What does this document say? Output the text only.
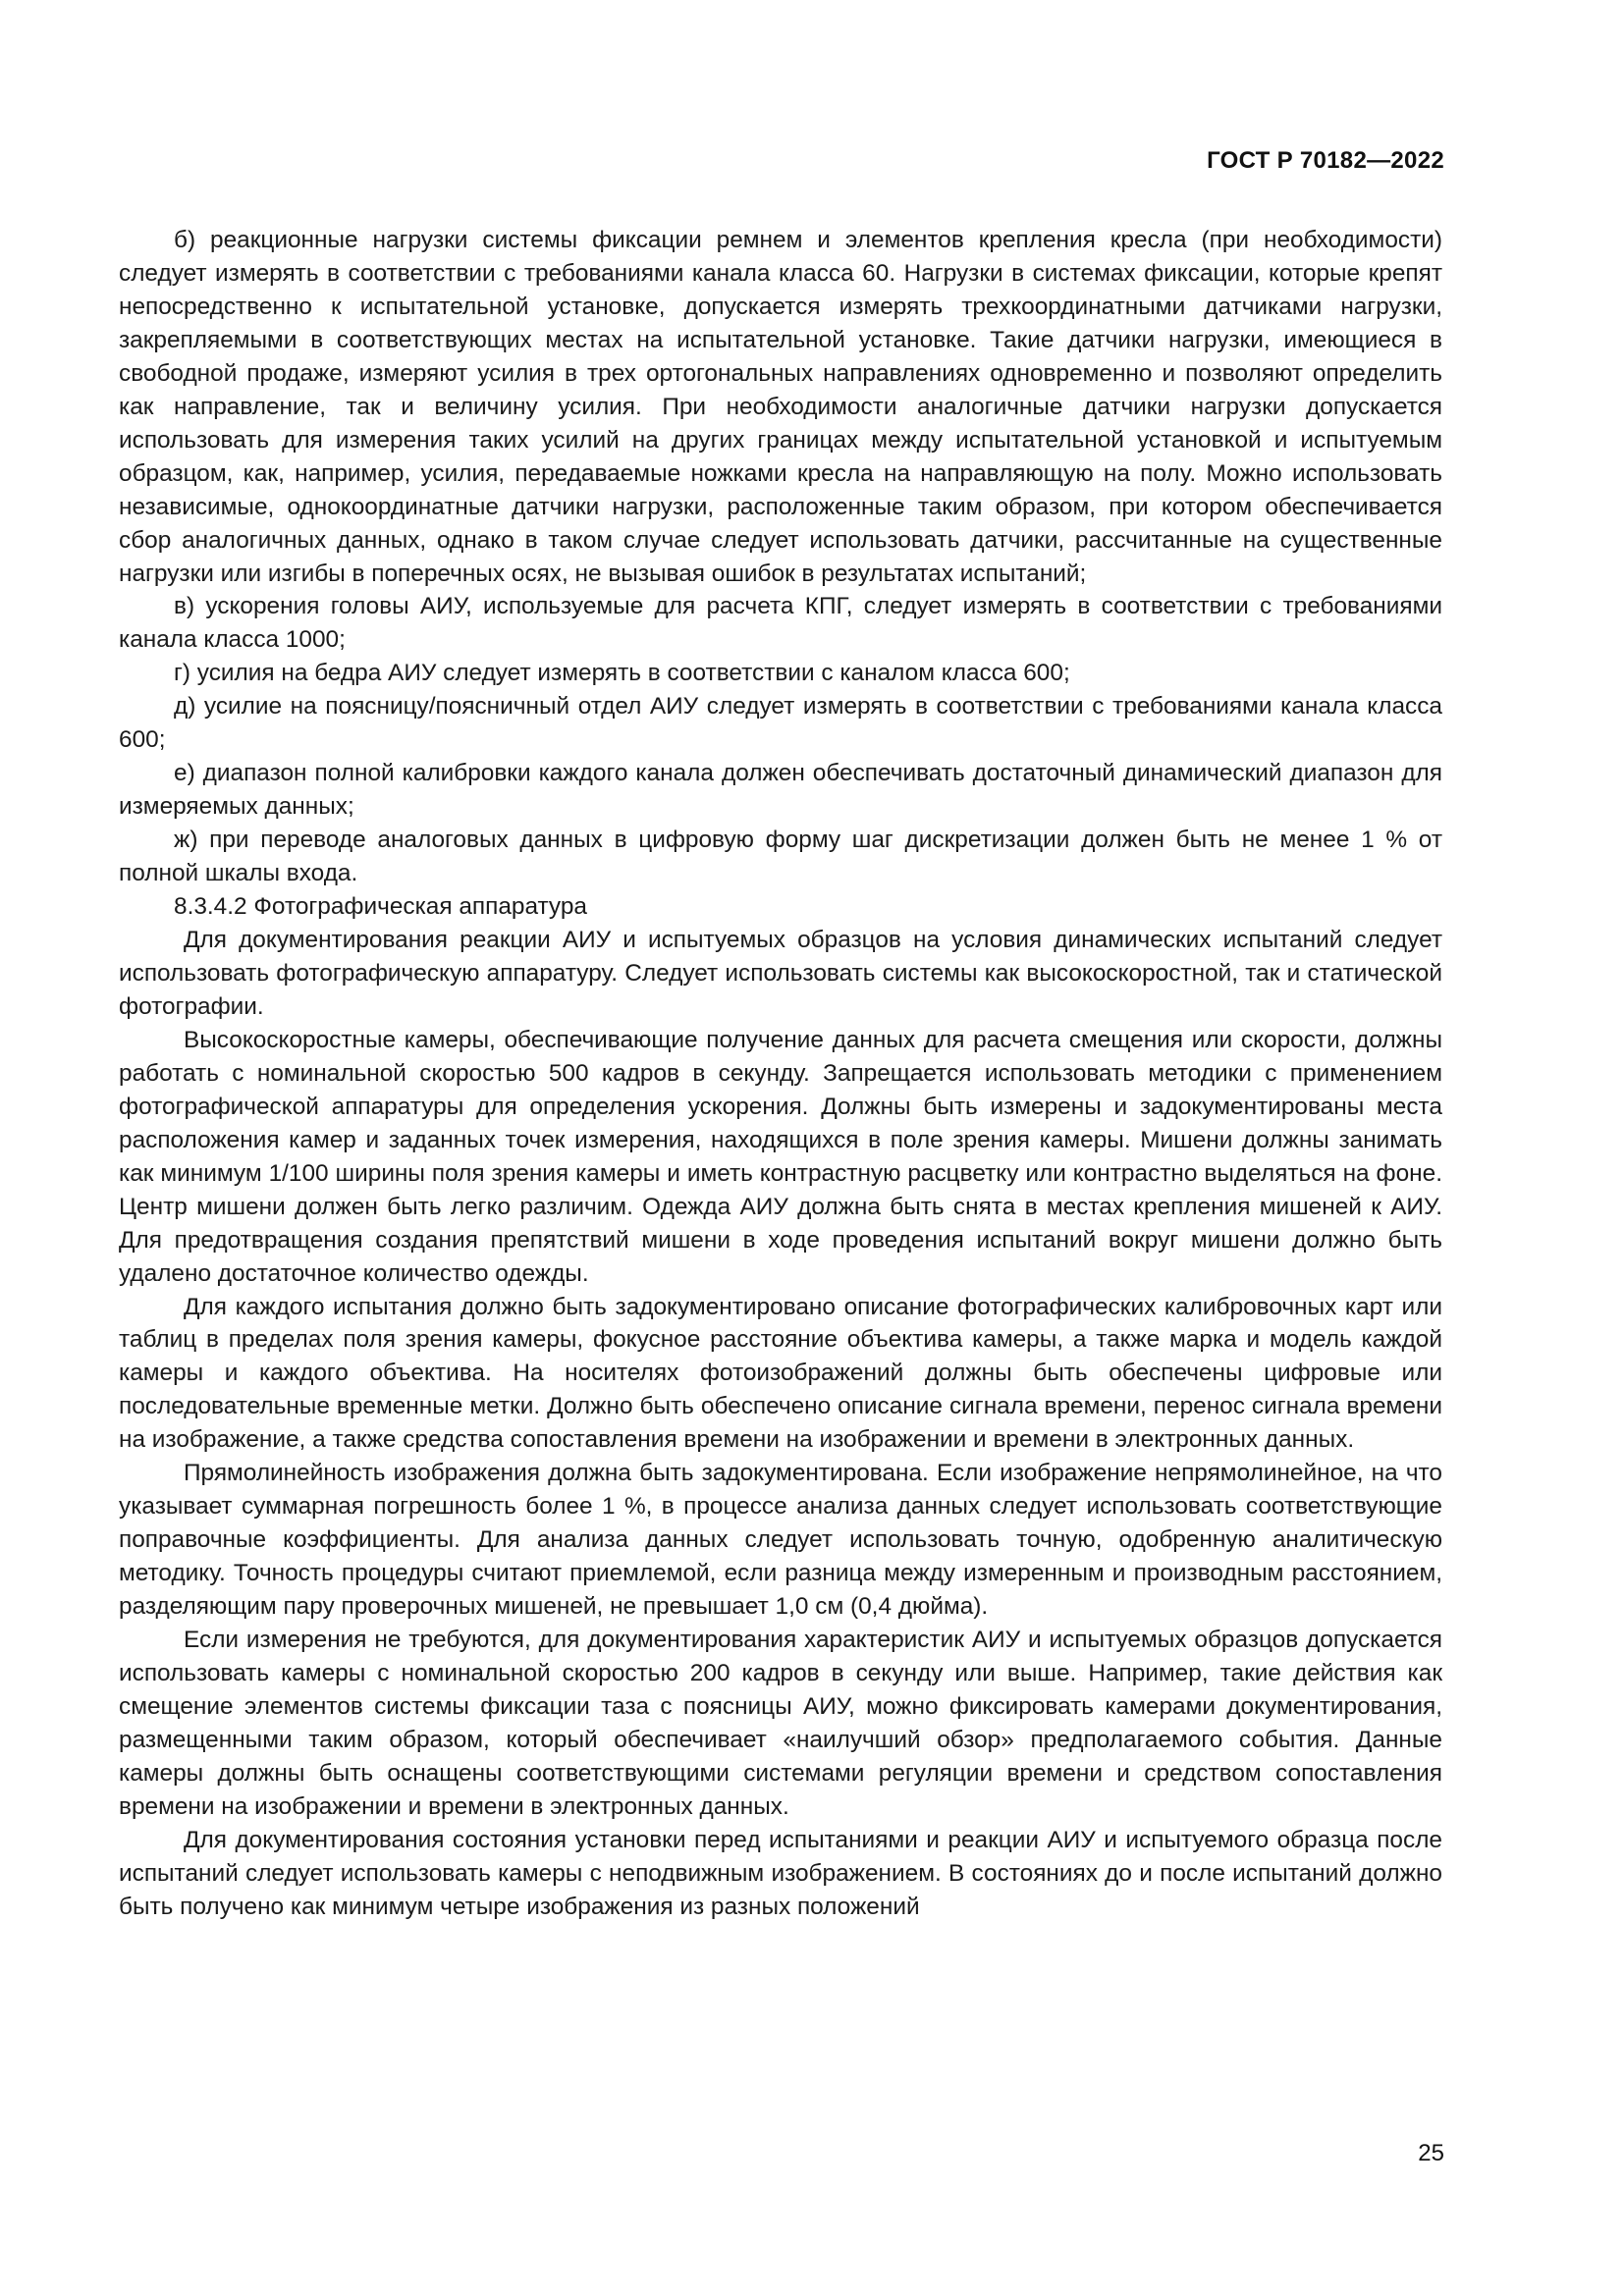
ГОСТ Р 70182—2022

б) реакционные нагрузки системы фиксации ремнем и элементов крепления кресла (при необходимости) следует измерять в соответствии с требованиями канала класса 60. Нагрузки в системах фиксации, которые крепят непосредственно к испытательной установке, допускается измерять трехкоординатными датчиками нагрузки, закрепляемыми в соответствующих местах на испытательной установке. Такие датчики нагрузки, имеющиеся в свободной продаже, измеряют усилия в трех ортогональных направлениях одновременно и позволяют определить как направление, так и величину усилия. При необходимости аналогичные датчики нагрузки допускается использовать для измерения таких усилий на других границах между испытательной установкой и испытуемым образцом, как, например, усилия, передаваемые ножками кресла на направляющую на полу. Можно использовать независимые, однокоординатные датчики нагрузки, расположенные таким образом, при котором обеспечивается сбор аналогичных данных, однако в таком случае следует использовать датчики, рассчитанные на существенные нагрузки или изгибы в поперечных осях, не вызывая ошибок в результатах испытаний;

в) ускорения головы АИУ, используемые для расчета КПГ, следует измерять в соответствии с требованиями канала класса 1000;

г) усилия на бедра АИУ следует измерять в соответствии с каналом класса 600;

д) усилие на поясницу/поясничный отдел АИУ следует измерять в соответствии с требованиями канала класса 600;

е) диапазон полной калибровки каждого канала должен обеспечивать достаточный динамический диапазон для измеряемых данных;

ж) при переводе аналоговых данных в цифровую форму шаг дискретизации должен быть не менее 1 % от полной шкалы входа.

8.3.4.2 Фотографическая аппаратура

Для документирования реакции АИУ и испытуемых образцов на условия динамических испытаний следует использовать фотографическую аппаратуру. Следует использовать системы как высокоскоростной, так и статической фотографии.

Высокоскоростные камеры, обеспечивающие получение данных для расчета смещения или скорости, должны работать с номинальной скоростью 500 кадров в секунду. Запрещается использовать методики с применением фотографической аппаратуры для определения ускорения. Должны быть измерены и задокументированы места расположения камер и заданных точек измерения, находящихся в поле зрения камеры. Мишени должны занимать как минимум 1/100 ширины поля зрения камеры и иметь контрастную расцветку или контрастно выделяться на фоне. Центр мишени должен быть легко различим. Одежда АИУ должна быть снята в местах крепления мишеней к АИУ. Для предотвращения создания препятствий мишени в ходе проведения испытаний вокруг мишени должно быть удалено достаточное количество одежды.

Для каждого испытания должно быть задокументировано описание фотографических калибровочных карт или таблиц в пределах поля зрения камеры, фокусное расстояние объектива камеры, а также марка и модель каждой камеры и каждого объектива. На носителях фотоизображений должны быть обеспечены цифровые или последовательные временные метки. Должно быть обеспечено описание сигнала времени, перенос сигнала времени на изображение, а также средства сопоставления времени на изображении и времени в электронных данных.

Прямолинейность изображения должна быть задокументирована. Если изображение непрямолинейное, на что указывает суммарная погрешность более 1 %, в процессе анализа данных следует использовать соответствующие поправочные коэффициенты. Для анализа данных следует использовать точную, одобренную аналитическую методику. Точность процедуры считают приемлемой, если разница между измеренным и производным расстоянием, разделяющим пару проверочных мишеней, не превышает 1,0 см (0,4 дюйма).

Если измерения не требуются, для документирования характеристик АИУ и испытуемых образцов допускается использовать камеры с номинальной скоростью 200 кадров в секунду или выше. Например, такие действия как смещение элементов системы фиксации таза с поясницы АИУ, можно фиксировать камерами документирования, размещенными таким образом, который обеспечивает «наилучший обзор» предполагаемого события. Данные камеры должны быть оснащены соответствующими системами регуляции времени и средством сопоставления времени на изображении и времени в электронных данных.

Для документирования состояния установки перед испытаниями и реакции АИУ и испытуемого образца после испытаний следует использовать камеры с неподвижным изображением. В состояниях до и после испытаний должно быть получено как минимум четыре изображения из разных положений

25
